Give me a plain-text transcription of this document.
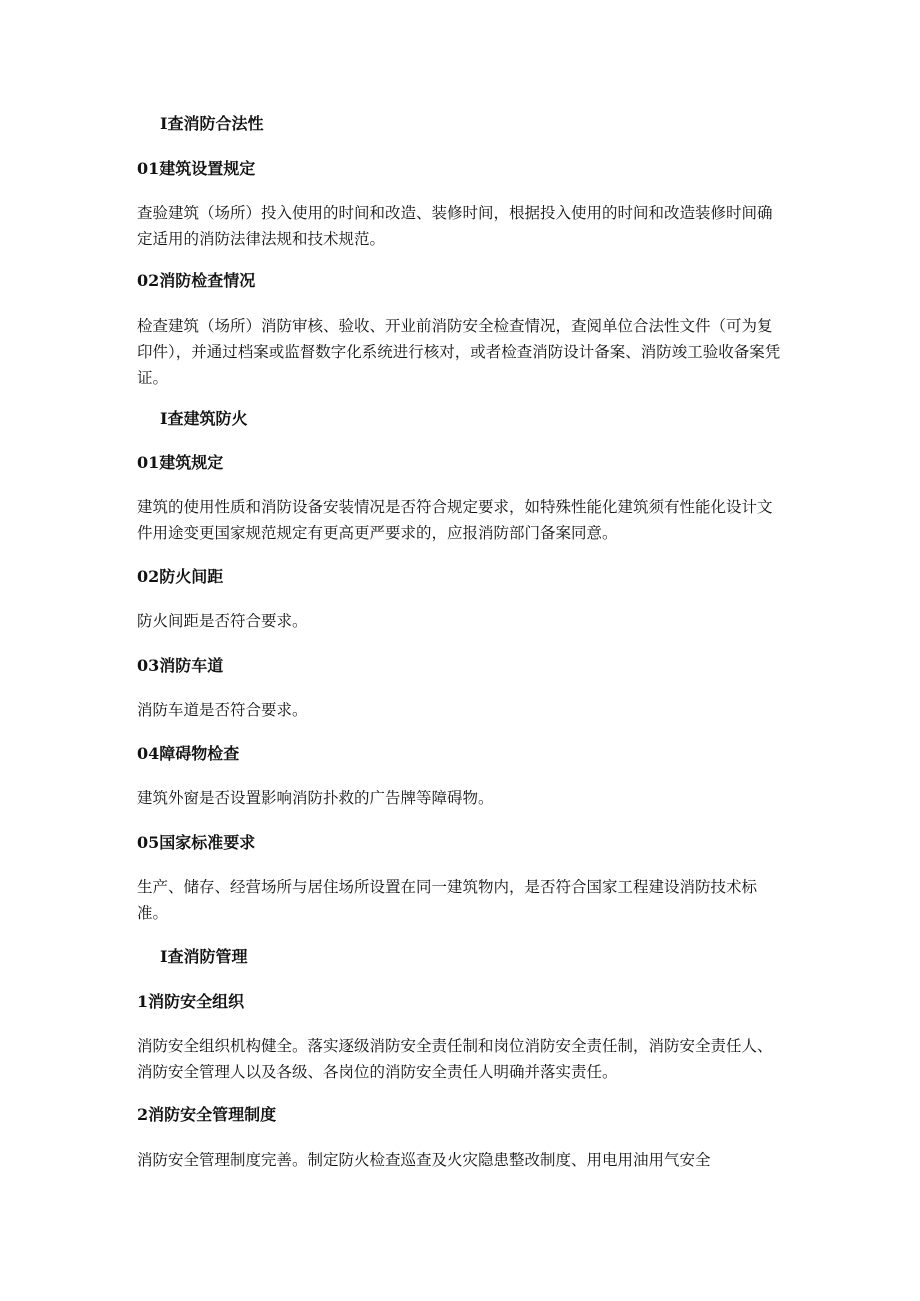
I查消防合法性

01建筑设置规定

查验建筑（场所）投入使用的时间和改造、装修时间，根据投入使用的时间和改造装修时间确定适用的消防法律法规和技术规范。

02消防检查情况

检查建筑（场所）消防审核、验收、开业前消防安全检查情况，查阅单位合法性文件（可为复印件），并通过档案或监督数字化系统进行核对，或者检查消防设计备案、消防竣工验收备案凭证。

I查建筑防火

01建筑规定

建筑的使用性质和消防设备安装情况是否符合规定要求，如特殊性能化建筑须有性能化设计文件用途变更国家规范规定有更高更严要求的，应报消防部门备案同意。

02防火间距

防火间距是否符合要求。

03消防车道

消防车道是否符合要求。

04障碍物检查

建筑外窗是否设置影响消防扑救的广告牌等障碍物。

05国家标准要求

生产、储存、经营场所与居住场所设置在同一建筑物内，是否符合国家工程建设消防技术标准。

I查消防管理

1消防安全组织

消防安全组织机构健全。落实逐级消防安全责任制和岗位消防安全责任制，消防安全责任人、消防安全管理人以及各级、各岗位的消防安全责任人明确并落实责任。

2消防安全管理制度

消防安全管理制度完善。制定防火检查巡查及火灾隐患整改制度、用电用油用气安全
